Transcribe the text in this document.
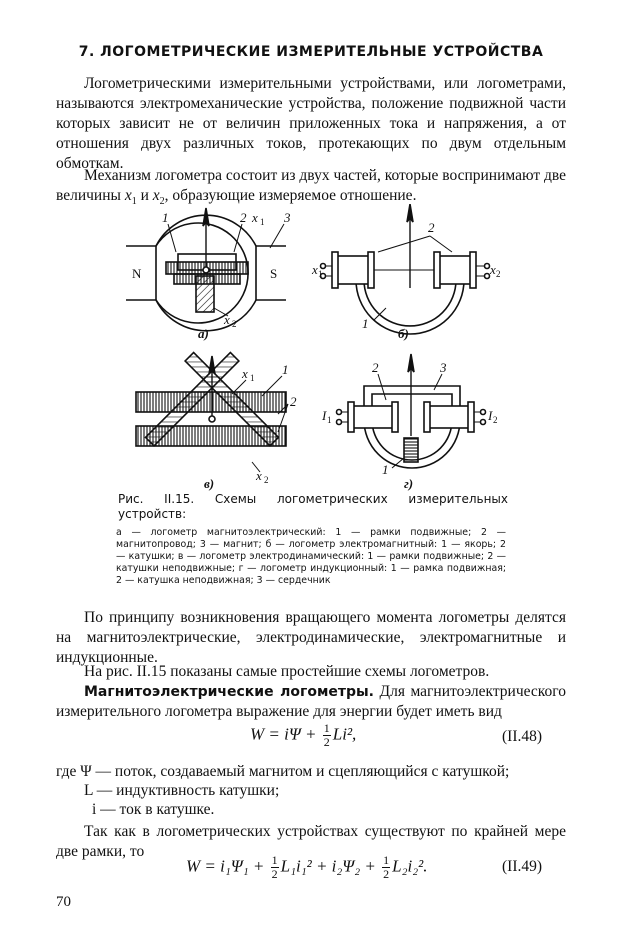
7. ЛОГОМЕТРИЧЕСКИЕ ИЗМЕРИТЕЛЬНЫЕ УСТРОЙСТВА
Логометрическими измерительными устройствами, или логометрами, называются электромеханические устройства, положение подвижной части которых зависит не от величин приложенных тока и напряжения, а от отношения двух различных токов, протекающих по двум отдельным обмоткам.
Механизм логометра состоит из двух частей, которые воспринимают две величины $x_1$ и $x_2$, образующие измеряемое отношение.
N	S
1	2 x 1 3
x 2
а)
2
x 1	x 2
1
б)
x 1
1
2
x 2
в)
2	3
I 1	I 2
1
г)
Рис. II.15. Схемы логометрических измерительных устройств:
а — логометр магнитоэлектрический: 1 — рамки подвижные; 2 — магнитопровод; 3 — магнит; б — логометр электромагнитный: 1 — якорь; 2 — катушки; в — логометр электродинамический: 1 — рамки подвижные; 2 — катушки неподвижные; г — логометр индукционный: 1 — рамка подвижная; 2 — катушка неподвижная; 3 — сердечник
По принципу возникновения вращающего момента логометры делятся на магнитоэлектрические, электродинамические, электромагнитные и индукционные.
На рис. II.15 показаны самые простейшие схемы логометров.
Магнитоэлектрические логометры. Для магнитоэлектрического измерительного логометра выражение для энергии будет иметь вид
$W = i\Psi + \frac{1}{2} Li^2$,	(II.48)
где Ψ — поток, создаваемый магнитом и сцепляющийся с катушкой;
L — индуктивность катушки;
i — ток в катушке.
Так как в логометрических устройствах существуют по крайней мере две рамки, то
$W = i_1\Psi_1 + \frac{1}{2} L_1i_1^2 + i_2\Psi_2 + \frac{1}{2} L_2i_2^2$.	(II.49)
70
